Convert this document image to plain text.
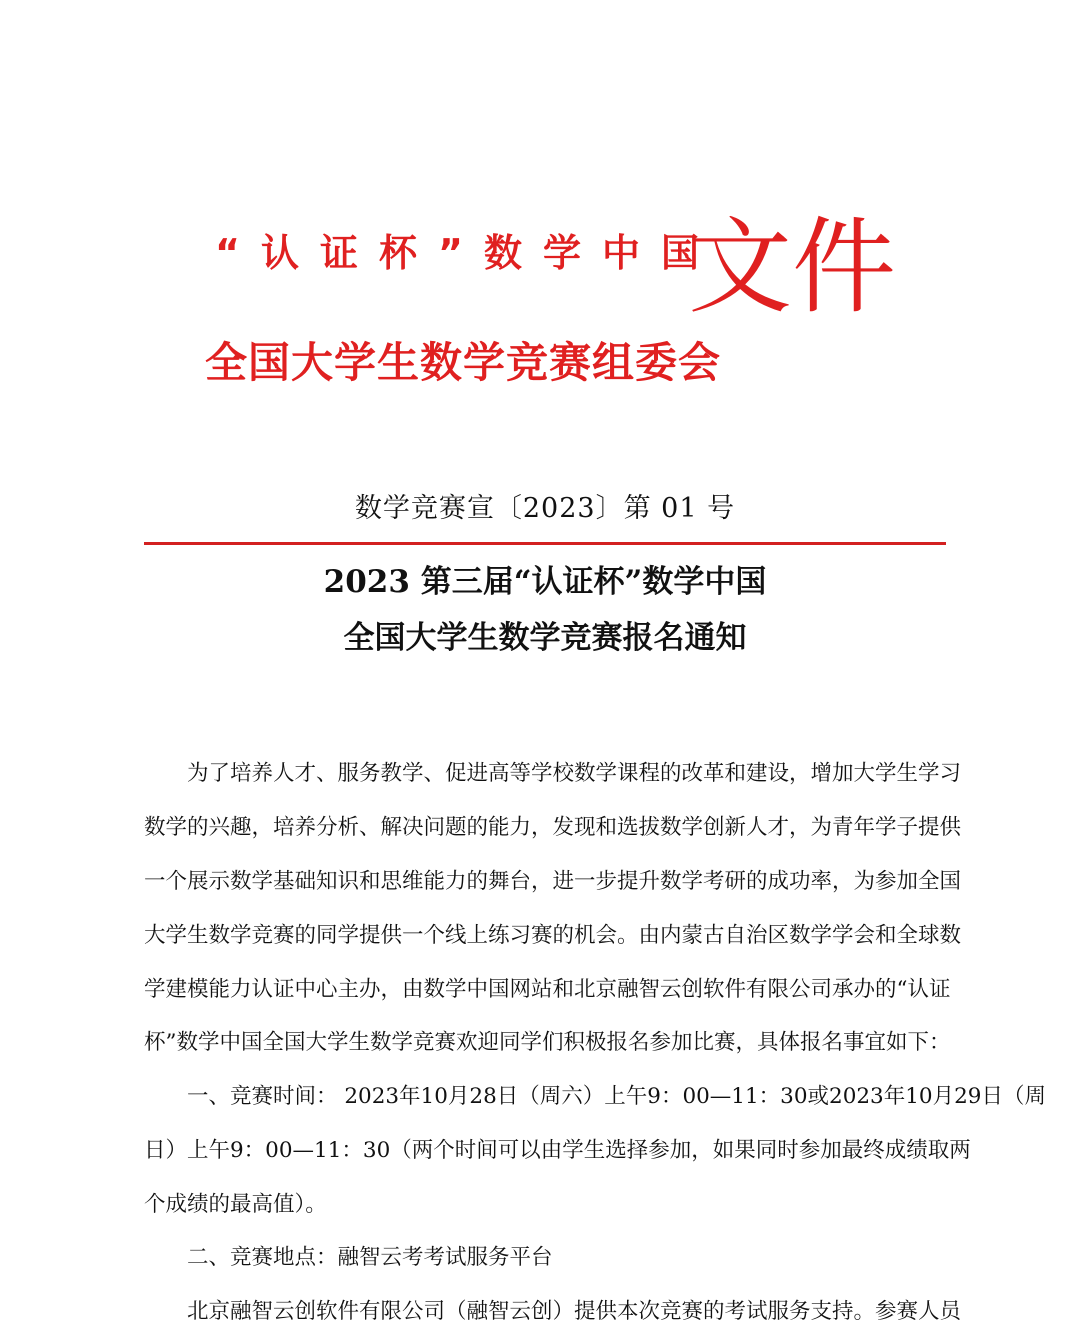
“认证杯”数学中国
全国大学生数学竞赛组委会
文件
数学竞赛宣〔2023〕第 01 号
2023 第三届“认证杯”数学中国
全国大学生数学竞赛报名通知
为了培养人才、服务教学、促进高等学校数学课程的改革和建设，增加大学生学习
数学的兴趣，培养分析、解决问题的能力，发现和选拔数学创新人才，为青年学子提供
一个展示数学基础知识和思维能力的舞台，进一步提升数学考研的成功率，为参加全国
大学生数学竞赛的同学提供一个线上练习赛的机会。由内蒙古自治区数学学会和全球数
学建模能力认证中心主办，由数学中国网站和北京融智云创软件有限公司承办的“认证
杯”数学中国全国大学生数学竞赛欢迎同学们积极报名参加比赛，具体报名事宜如下：
一、竞赛时间： 2023年10月28日（周六）上午9：00—11：30或2023年10月29日（周
日）上午9：00—11：30（两个时间可以由学生选择参加，如果同时参加最终成绩取两
个成绩的最高值）。
二、竞赛地点：融智云考考试服务平台
北京融智云创软件有限公司（融智云创）提供本次竞赛的考试服务支持。参赛人员
